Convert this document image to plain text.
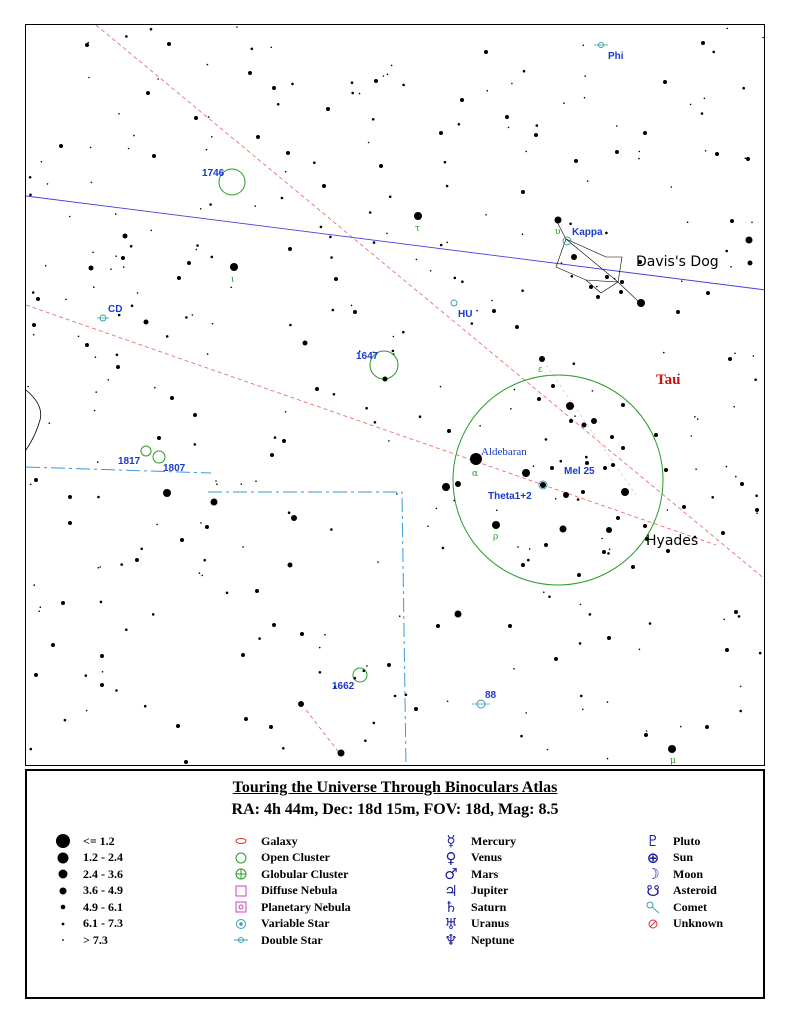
Phi
Kappa
HU
CD
Aldebaran
Mel 25
Theta1+2
88
1746
1647
1817
1807
1662
Tau
Davis's Dog
Hyades
τ	υ
ε
α
ρ
μ
ι
Touring the Universe Through Binoculars Atlas
RA: 4h 44m, Dec: 18d 15m, FOV: 18d, Mag: 8.5
<= 1.2
1.2 - 2.4
2.4 - 3.6
3.6 - 4.9
4.9 - 6.1
6.1 - 7.3
> 7.3
Galaxy
Open Cluster
Globular Cluster
Diffuse Nebula
Planetary Nebula
Variable Star
Double Star
☿	Mercury
♀	Venus
♂	Mars
♃	Jupiter
♄	Saturn
♅	Uranus
♆	Neptune
♇	Pluto
⊕	Sun
☽	Moon
☋	Asteroid
Comet
Unknown
